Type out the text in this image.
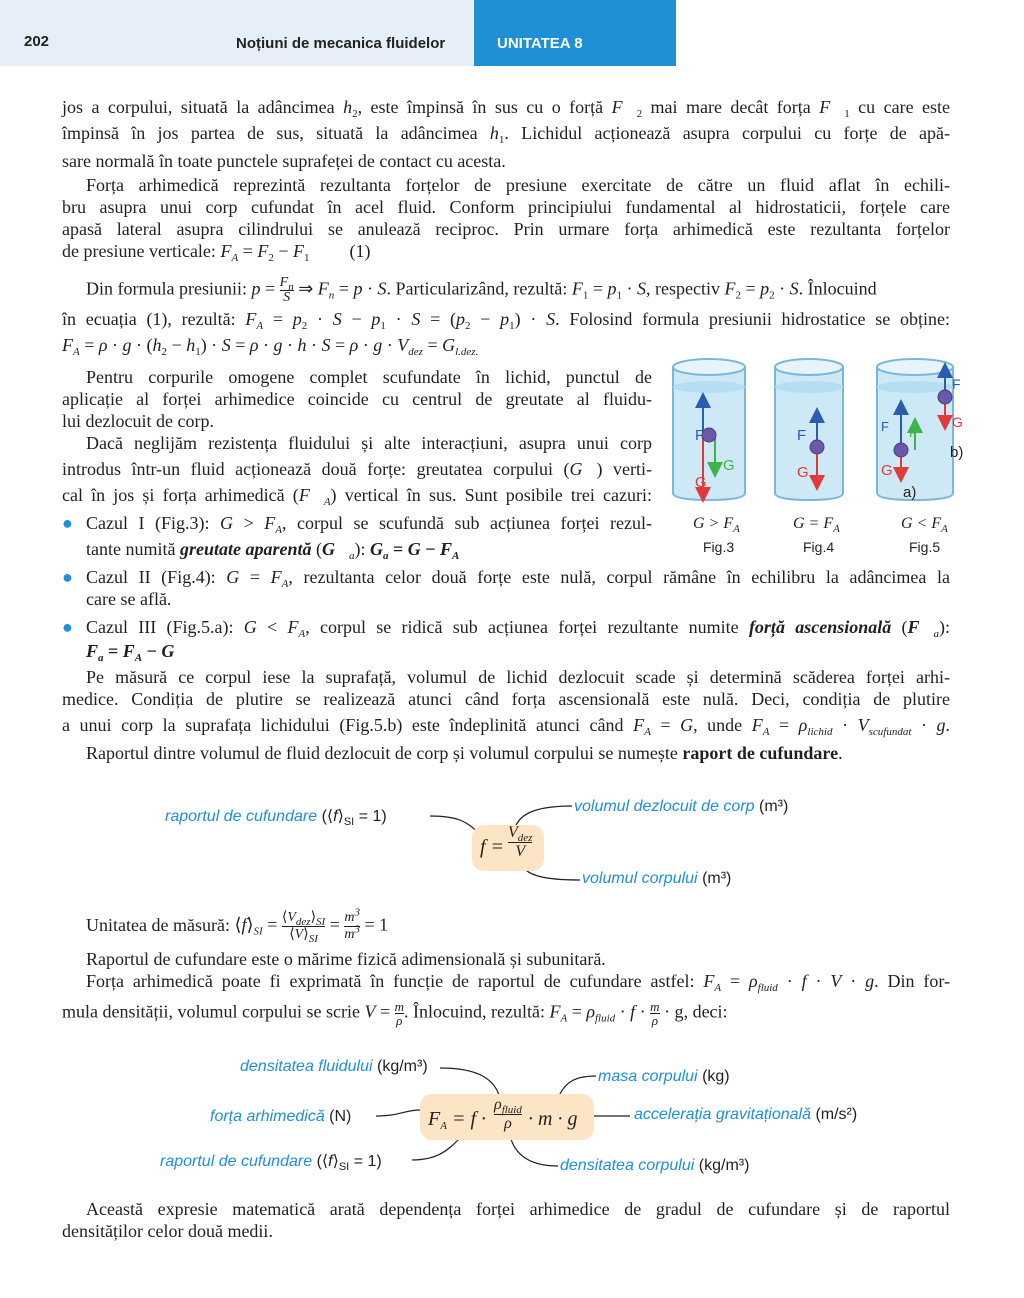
202	Noțiuni de mecanica fluidelor	UNITATEA 8
jos a corpului, situată la adâncimea $h_2$, este împinsă în sus cu o forță $F⃗_2$ mai mare decât forța $F⃗_1$ cu care este
împinsă în jos partea de sus, situată la adâncimea $h_1$. Lichidul acționează asupra corpului cu forțe de apă-
sare normală în toate punctele suprafeței de contact cu acesta.
Forța arhimedică reprezintă rezultanta forțelor de presiune exercitate de către un fluid aflat în echili-
bru asupra unui corp cufundat în acel fluid. Conform principiului fundamental al hidrostaticii, forțele care
apasă lateral asupra cilindrului se anulează reciproc. Prin urmare forța arhimedică este rezultanta forțelor
de presiune verticale: $F_A = F_2 - F_1$ (1)
Din formula presiunii: $p = \frac{F_n}{S}$ ⇒ $F_n = p \cdot S$. Particularizând, rezultă: $F_1 = p_1 \cdot S$, respectiv $F_2 = p_2 \cdot S$. Înlocuind
în ecuația (1), rezultă: $F_A = p_2 \cdot S - p_1 \cdot S = (p_2 - p_1) \cdot S$. Folosind formula presiunii hidrostatice se obține:
$F_A = \rho \cdot g \cdot (h_2 - h_1) \cdot S = \rho \cdot g \cdot h \cdot S = \rho \cdot g \cdot V_{dez} = G_{l.dez.}$
Pentru corpurile omogene complet scufundate în lichid, punctul de
aplicație al forței arhimedice coincide cu centrul de greutate al fluidu-
lui dezlocuit de corp.
Dacă neglijăm rezistența fluidului și alte interacțiuni, asupra unui corp
introdus într-un fluid acționează două forțe: greutatea corpului (G⃗) verti-
cal în jos și forța arhimedică $(F⃗_A)$ vertical în sus. Sunt posibile trei cazuri:
● Cazul I (Fig.3): $G > F_A$, corpul se scufundă sub acțiunea forței rezul-
tante numită greutate aparentă $(G⃗_a)$: $G_a = G - F_A$
● Cazul II (Fig.4): $G = F_A$, rezultanta celor două forțe este nulă, corpul rămâne în echilibru la adâncimea la
care se află.
● Cazul III (Fig.5.a): $G < F_A$, corpul se ridică sub acțiunea forței rezultante numite forță ascensională $(F⃗_a)$:
$F_a = F_A - G$
Pe măsură ce corpul iese la suprafață, volumul de lichid dezlocuit scade și determină scăderea forței arhi-
medice. Condiția de plutire se realizează atunci când forța ascensională este nulă. Deci, condiția de plutire
a unui corp la suprafața lichidului (Fig.5.b) este îndeplinită atunci când $F_A = G$, unde $F_A = \rho_{lichid} \cdot V_{scufundat} \cdot g$.
Raportul dintre volumul de fluid dezlocuit de corp și volumul corpului se numește raport de cufundare.
Unitatea de măsură: $⟨f⟩_{SI}$ = $⟨V_{dez}⟩_{SI}$
$⟨V⟩_{SI}$
= $\frac{m^3}{m^3} = 1$
Raportul de cufundare este o mărime fizică adimensională și subunitară.
Forța arhimedică poate fi exprimată în funcție de raportul de cufundare astfel: $F_A = \rho_{fluid} \cdot f \cdot V \cdot g$. Din for-
mula densității, volumul corpului se scrie $V = \frac{m}{\rho}$ . Înlocuind, rezultă: $F_A = \rho_{fluid} \cdot f \cdot \frac{m}{\rho} \cdot g$, deci:
Această expresie matematică arată dependența forței arhimedice de gradul de cufundare și de raportul
densităților celor două medii.
F
G
G
F
G
F
G
F F
G
a)
b)
$G > F_A$	$G = F_A$	$G < F_A$
Fig.3	Fig.4	Fig.5
f =
$V_{dez}$
V
raportul de cufundare $(⟨f⟩_{SI} = 1)$
volumul dezlocuit de corp (m³)
volumul corpului (m³)
$F_A = f$ ·
$\rho_{fluid}$
ρ · m · g
densitatea fluidului (kg/m³)
masa corpului (kg)
forța arhimedică (N)	accelerația gravitațională (m/s²)
raportul de cufundare $(⟨f⟩_{SI} = 1)$	densitatea corpului (kg/m³)
